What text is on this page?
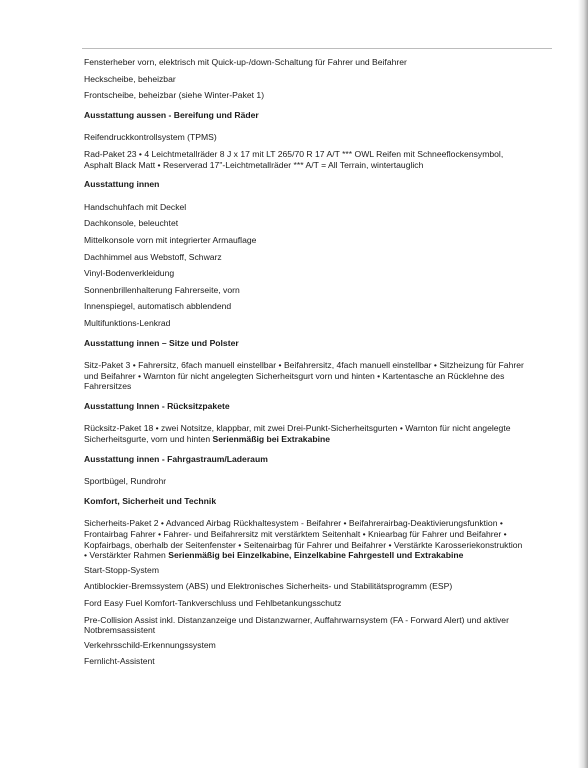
Fensterheber vorn, elektrisch mit Quick-up-/down-Schaltung für Fahrer und Beifahrer
Heckscheibe, beheizbar
Frontscheibe, beheizbar (siehe Winter-Paket 1)
Ausstattung aussen - Bereifung und Räder
Reifendruckkontrollsystem (TPMS)
Rad-Paket 23 • 4 Leichtmetallräder 8 J x 17 mit LT 265/70 R 17 A/T *** OWL Reifen mit Schneeflockensymbol, Asphalt Black Matt • Reserverad 17"-Leichtmetallräder *** A/T = All Terrain, wintertauglich
Ausstattung innen
Handschuhfach mit Deckel
Dachkonsole, beleuchtet
Mittelkonsole vorn mit integrierter Armauflage
Dachhimmel aus Webstoff, Schwarz
Vinyl-Bodenverkleidung
Sonnenbrillenhalterung Fahrerseite, vorn
Innenspiegel, automatisch abblendend
Multifunktions-Lenkrad
Ausstattung innen – Sitze und Polster
Sitz-Paket 3 • Fahrersitz, 6fach manuell einstellbar • Beifahrersitz, 4fach manuell einstellbar • Sitzheizung für Fahrer und Beifahrer • Warnton für nicht angelegten Sicherheitsgurt vorn und hinten • Kartentasche an Rücklehne des Fahrersitzes
Ausstattung Innen - Rücksitzpakete
Rücksitz-Paket 18 • zwei Notsitze, klappbar, mit zwei Drei-Punkt-Sicherheitsgurten • Warnton für nicht angelegte Sicherheitsgurte, vorn und hinten Serienmäßig bei Extrakabine
Ausstattung innen - Fahrgastraum/Laderaum
Sportbügel, Rundrohr
Komfort, Sicherheit und Technik
Sicherheits-Paket 2 • Advanced Airbag Rückhaltesystem - Beifahrer • Beifahrerairbag-Deaktivierungsfunktion • Frontairbag Fahrer • Fahrer- und Beifahrersitz mit verstärktem Seitenhalt • Kniearbag für Fahrer und Beifahrer • Kopfairbags, oberhalb der Seitenfenster • Seitenairbag für Fahrer und Beifahrer • Verstärkte Karosseriekonstruktion • Verstärkter Rahmen Serienmäßig bei Einzelkabine, Einzelkabine Fahrgestell und Extrakabine
Start-Stopp-System
Antiblockier-Bremssystem (ABS) und Elektronisches Sicherheits- und Stabilitätsprogramm (ESP)
Ford Easy Fuel Komfort-Tankverschluss und Fehlbetankungsschutz
Pre-Collision Assist inkl. Distanzanzeige und Distanzwarner, Auffahrwarnsystem (FA - Forward Alert) und aktiver Notbremsassistent
Verkehrsschild-Erkennungssystem
Fernlicht-Assistent
